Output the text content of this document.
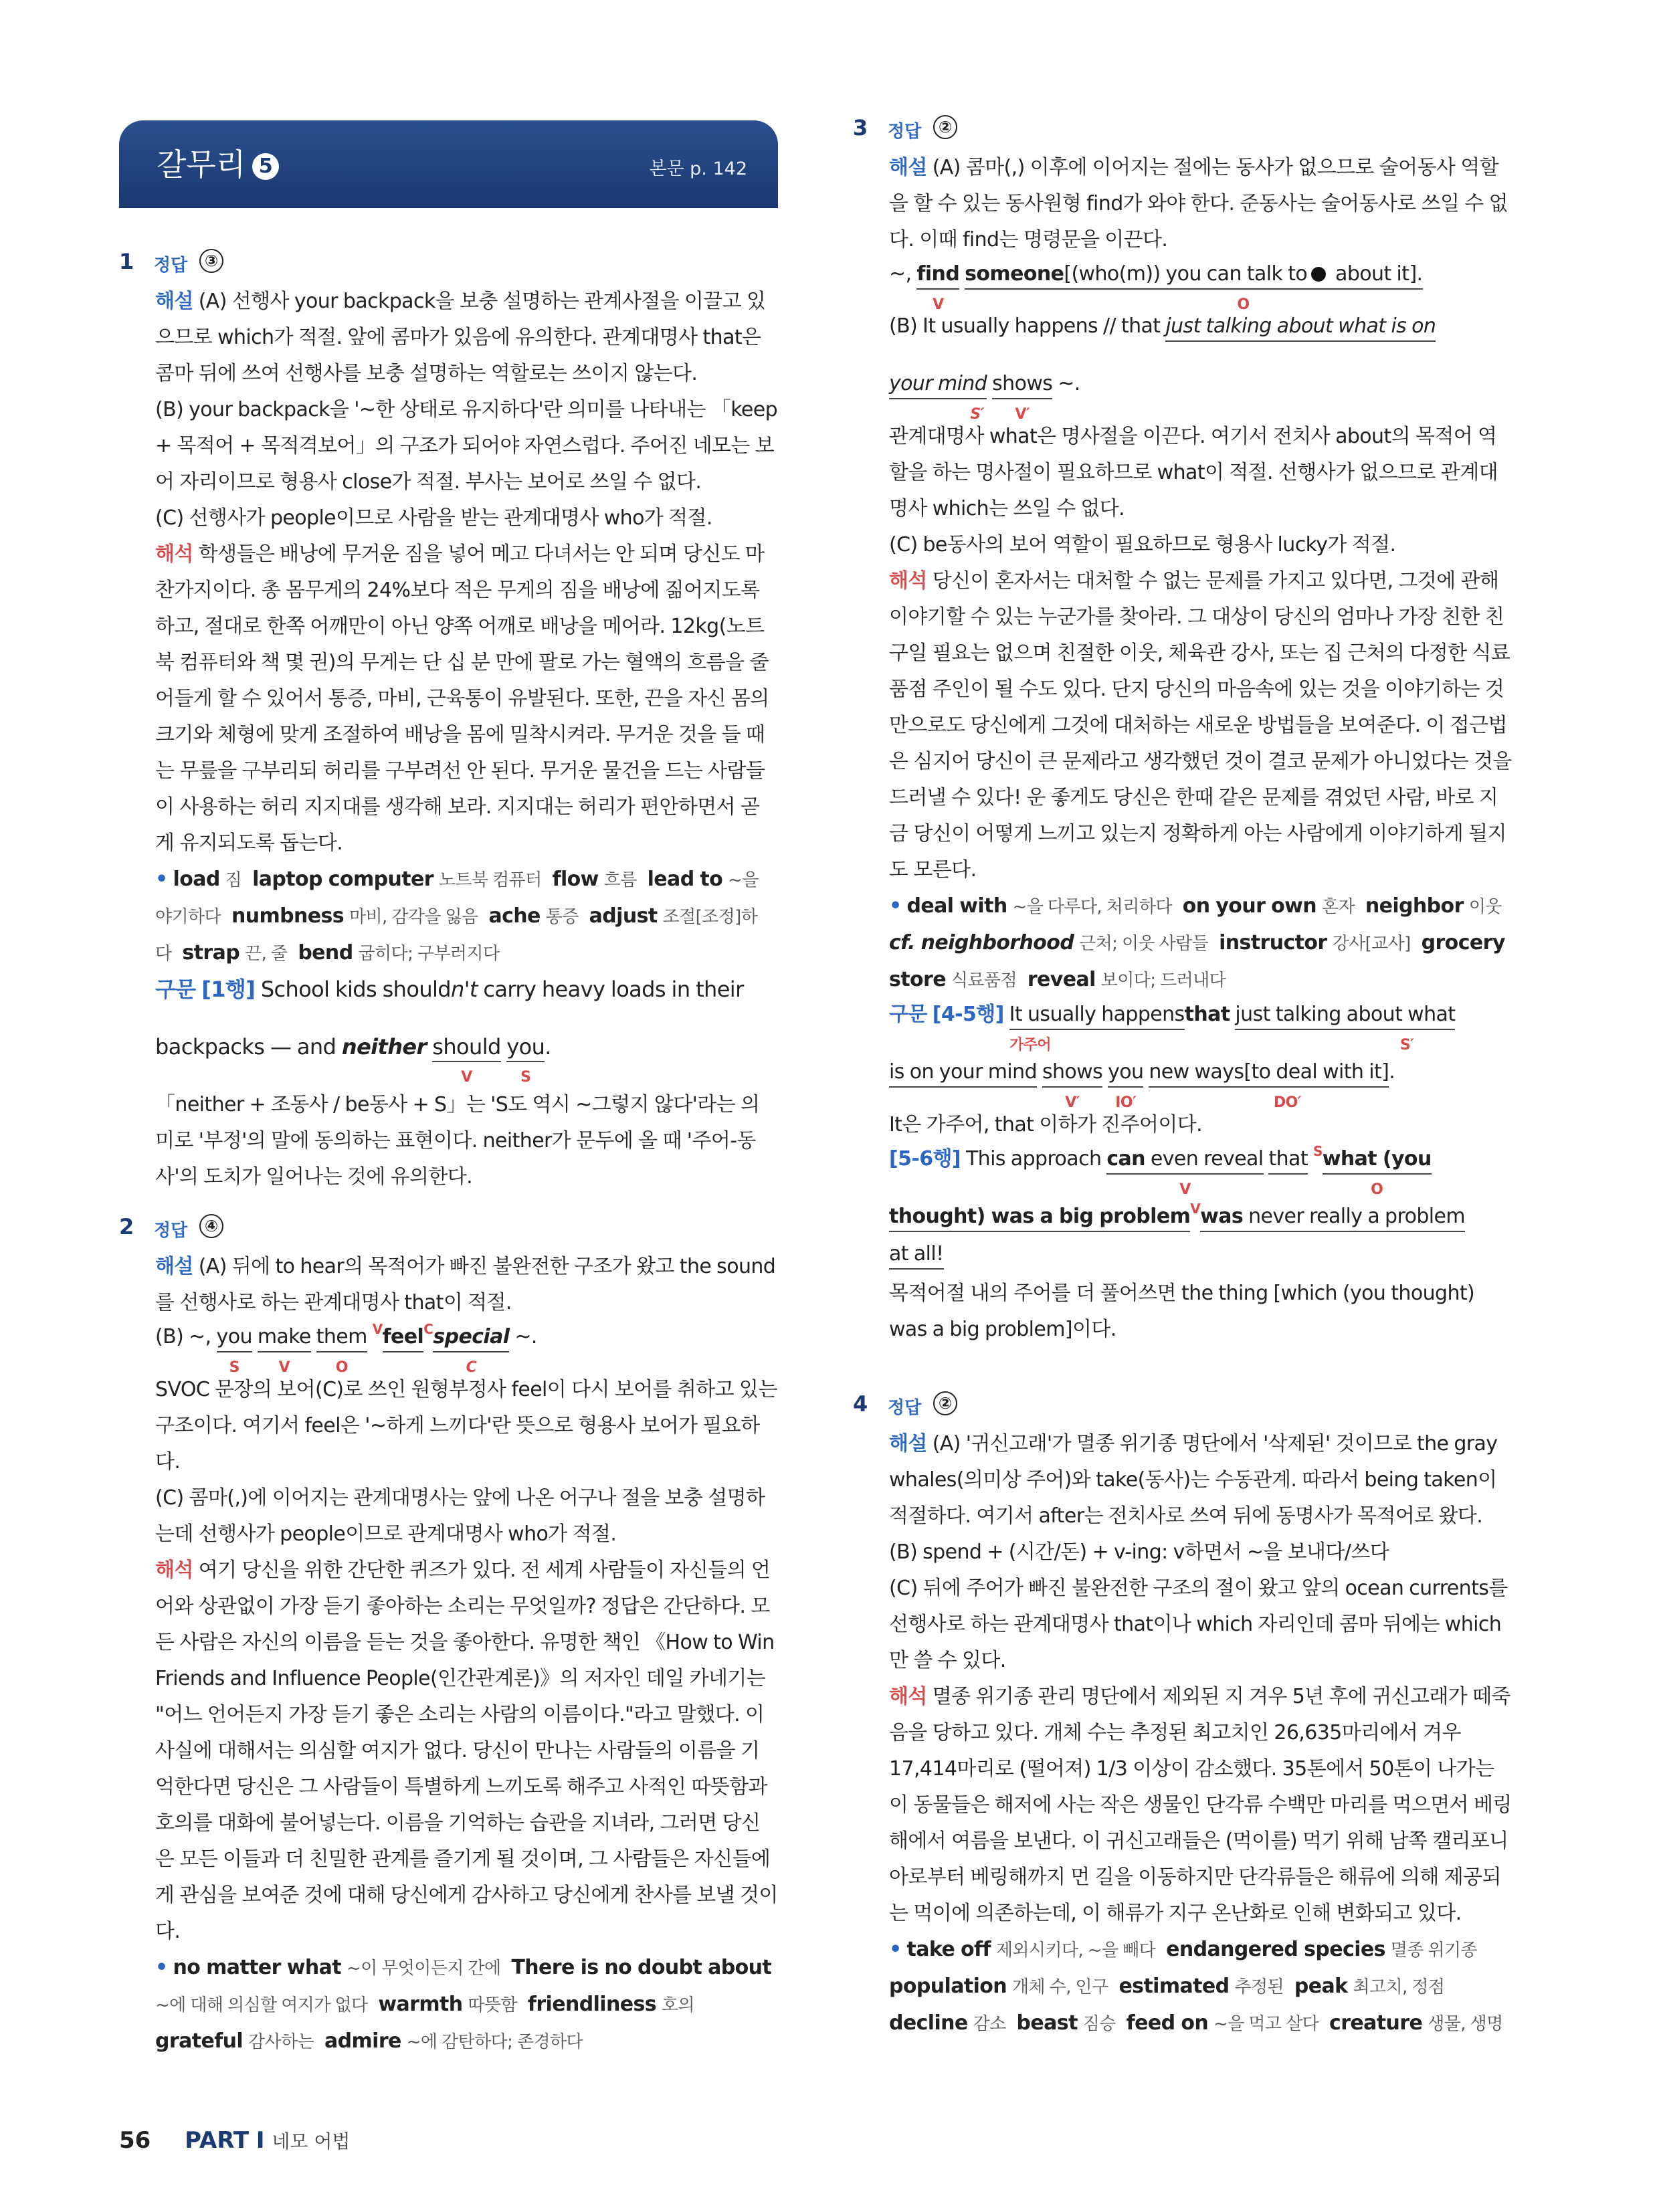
갈무리 5	본문 p. 142
1 정답	③
해설 (A) 선행사 your backpack을 보충 설명하는 관계사절을 이끌고 있으므로 which가 적절. 앞에 콤마가 있음에 유의한다. 관계대명사 that은 콤마 뒤에 쓰여 선행사를 보충 설명하는 역할로는 쓰이지 않는다.
(B) your backpack을 '~한 상태로 유지하다'란 의미를 나타내는 「keep + 목적어 + 목적격보어」의 구조가 되어야 자연스럽다. 주어진 네모는 보어 자리이므로 형용사 close가 적절. 부사는 보어로 쓰일 수 없다.
(C) 선행사가 people이므로 사람을 받는 관계대명사 who가 적절.
해석 학생들은 배낭에 무거운 짐을 넣어 메고 다녀서는 안 되며 당신도 마찬가지이다. 총 몸무게의 24%보다 적은 무게의 짐을 배낭에 짊어지도록 하고, 절대로 한쪽 어깨만이 아닌 양쪽 어깨로 배낭을 메어라. 12kg(노트북 컴퓨터와 책 몇 권)의 무게는 단 십 분 만에 팔로 가는 혈액의 흐름을 줄어들게 할 수 있어서 통증, 마비, 근육통이 유발된다. 또한, 끈을 자신 몸의 크기와 체형에 맞게 조절하여 배낭을 몸에 밀착시켜라. 무거운 것을 들 때는 무릎을 구부리되 허리를 구부려선 안 된다. 무거운 물건을 드는 사람들이 사용하는 허리 지지대를 생각해 보라. 지지대는 허리가 편안하면서 곧게 유지되도록 돕는다.
• load 짐 laptop computer 노트북 컴퓨터 flow 흐름 lead to ~을 야기하다 numbness 마비, 감각을 잃음 ache 통증 adjust 조절[조정]하다 strap 끈, 줄 bend 굽히다; 구부러지다
구문 [1행] School kids shouldn't carry heavy loads in their
backpacks — and neither should
V
you
S
.
「neither + 조동사 / be동사 + S」는 'S도 역시 ~그렇지 않다'라는 의미로 '부정'의 말에 동의하는 표현이다. neither가 문두에 올 때 '주어-동사'의 도치가 일어나는 것에 유의한다.
2 정답	④
해설 (A) 뒤에 to hear의 목적어가 빠진 불완전한 구조가 왔고 the sound를 선행사로 하는 관계대명사 that이 적절.
(B) ~, you
S
make
V
them
O
$^V$feel$^C$special
C
~.
SVOC 문장의 보어(C)로 쓰인 원형부정사 feel이 다시 보어를 취하고 있는 구조이다. 여기서 feel은 '~하게 느끼다'란 뜻으로 형용사 보어가 필요하다.
(C) 콤마(,)에 이어지는 관계대명사는 앞에 나온 어구나 절을 보충 설명하는데 선행사가 people이므로 관계대명사 who가 적절.
해석 여기 당신을 위한 간단한 퀴즈가 있다. 전 세계 사람들이 자신들의 언어와 상관없이 가장 듣기 좋아하는 소리는 무엇일까? 정답은 간단하다. 모든 사람은 자신의 이름을 듣는 것을 좋아한다. 유명한 책인 《How to Win Friends and Influence People(인간관계론)》의 저자인 데일 카네기는 "어느 언어든지 가장 듣기 좋은 소리는 사람의 이름이다."라고 말했다. 이 사실에 대해서는 의심할 여지가 없다. 당신이 만나는 사람들의 이름을 기억한다면 당신은 그 사람들이 특별하게 느끼도록 해주고 사적인 따뜻함과 호의를 대화에 불어넣는다. 이름을 기억하는 습관을 지녀라, 그러면 당신은 모든 이들과 더 친밀한 관계를 즐기게 될 것이며, 그 사람들은 자신들에게 관심을 보여준 것에 대해 당신에게 감사하고 당신에게 찬사를 보낼 것이다.
• no matter what ~이 무엇이든지 간에 There is no doubt about ~에 대해 의심할 여지가 없다 warmth 따뜻함 friendliness 호의  grateful 감사하는 admire ~에 감탄하다; 존경하다
3 정답	②
해설 (A) 콤마(,) 이후에 이어지는 절에는 동사가 없으므로 술어동사 역할을 할 수 있는 동사원형 find가 와야 한다. 준동사는 술어동사로 쓰일 수 없다. 이때 find는 명령문을 이끈다.
~, find
V
someone[(who(m)) you can talk to
O
about it].
(B) It usually happens // that just talking about what is on
your mind
S′
shows
V′
~.
관계대명사 what은 명사절을 이끈다. 여기서 전치사 about의 목적어 역할을 하는 명사절이 필요하므로 what이 적절. 선행사가 없으므로 관계대명사 which는 쓰일 수 없다.
(C) be동사의 보어 역할이 필요하므로 형용사 lucky가 적절.
해석 당신이 혼자서는 대처할 수 없는 문제를 가지고 있다면, 그것에 관해 이야기할 수 있는 누군가를 찾아라. 그 대상이 당신의 엄마나 가장 친한 친구일 필요는 없으며 친절한 이웃, 체육관 강사, 또는 집 근처의 다정한 식료품점 주인이 될 수도 있다. 단지 당신의 마음속에 있는 것을 이야기하는 것만으로도 당신에게 그것에 대처하는 새로운 방법들을 보여준다. 이 접근법은 심지어 당신이 큰 문제라고 생각했던 것이 결코 문제가 아니었다는 것을 드러낼 수 있다! 운 좋게도 당신은 한때 같은 문제를 겪었던 사람, 바로 지금 당신이 어떻게 느끼고 있는지 정확하게 아는 사람에게 이야기하게 될지도 모른다.
• deal with ~을 다루다, 처리하다 on your own 혼자 neighbor 이웃  cf. neighborhood 근처; 이웃 사람들 instructor 강사[교사] grocery store 식료품점 reveal 보이다; 드러내다
구문 [4-5행] It usually happens
가주어
that just talking about what
S′
is on your mind shows
V′
you
IO′
new ways[to deal with it]
DO′
.
It은 가주어, that 이하가 진주어이다.
[5-6행] This approach can even reveal
V
that $^S$what (you
O
thought) was a big problem$^V$was never really a problem
at all!
목적어절 내의 주어를 더 풀어쓰면 the thing [which (you thought) was a big problem]이다.
4 정답	②
해설 (A) '귀신고래'가 멸종 위기종 명단에서 '삭제된' 것이므로 the gray whales(의미상 주어)와 take(동사)는 수동관계. 따라서 being taken이 적절하다. 여기서 after는 전치사로 쓰여 뒤에 동명사가 목적어로 왔다.
(B) spend + (시간/돈) + v-ing: v하면서 ~을 보내다/쓰다
(C) 뒤에 주어가 빠진 불완전한 구조의 절이 왔고 앞의 ocean currents를 선행사로 하는 관계대명사 that이나 which 자리인데 콤마 뒤에는 which만 쓸 수 있다.
해석 멸종 위기종 관리 명단에서 제외된 지 겨우 5년 후에 귀신고래가 떼죽음을 당하고 있다. 개체 수는 추정된 최고치인 26,635마리에서 겨우 17,414마리로 (떨어져) 1/3 이상이 감소했다. 35톤에서 50톤이 나가는 이 동물들은 해저에 사는 작은 생물인 단각류 수백만 마리를 먹으면서 베링해에서 여름을 보낸다. 이 귀신고래들은 (먹이를) 먹기 위해 남쪽 캘리포니아로부터 베링해까지 먼 길을 이동하지만 단각류들은 해류에 의해 제공되는 먹이에 의존하는데, 이 해류가 지구 온난화로 인해 변화되고 있다.
• take off 제외시키다, ~을 빼다 endangered species 멸종 위기종  population 개체 수, 인구 estimated 추정된 peak 최고치, 정점  decline 감소 beast 짐승 feed on ~을 먹고 살다 creature 생물, 생명
56 PART I 네모 어법
